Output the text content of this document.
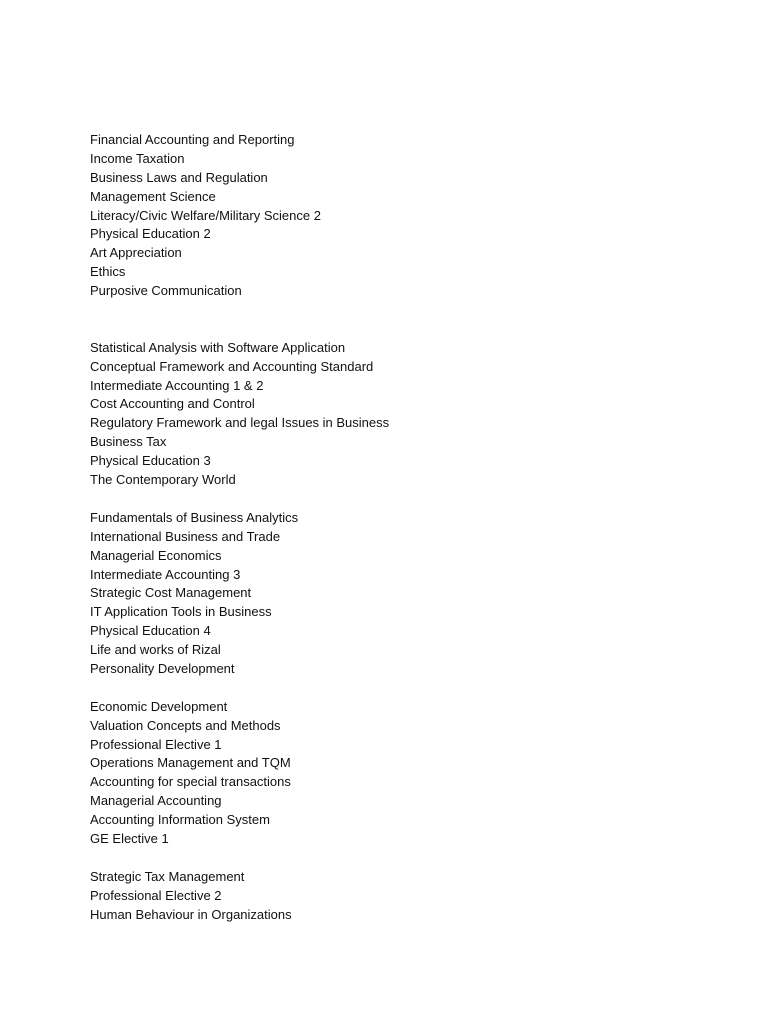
Financial Accounting and Reporting
Income Taxation
Business Laws and Regulation
Management Science
Literacy/Civic Welfare/Military Science 2
Physical Education 2
Art Appreciation
Ethics
Purposive Communication
Statistical Analysis with Software Application
Conceptual Framework and Accounting Standard
Intermediate Accounting 1 & 2
Cost Accounting and Control
Regulatory Framework and legal Issues in Business
Business Tax
Physical Education 3
The Contemporary World
Fundamentals of Business Analytics
International Business and Trade
Managerial Economics
Intermediate Accounting 3
Strategic Cost Management
IT Application Tools in Business
Physical Education 4
Life and works of Rizal
Personality Development
Economic Development
Valuation Concepts and Methods
Professional Elective 1
Operations Management and TQM
Accounting for special transactions
Managerial Accounting
Accounting Information System
GE Elective 1
Strategic Tax Management
Professional Elective 2
Human Behaviour in Organizations
